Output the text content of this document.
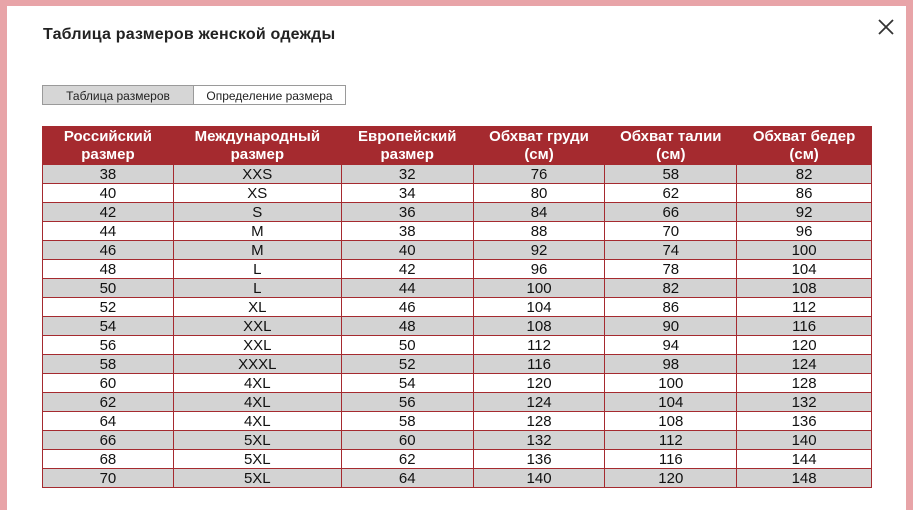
Таблица размеров женской одежды
Таблица размеров	Определение размера
Российский размер	Международный размер	Европейский размер	Обхват груди (см)	Обхват талии (см)	Обхват бедер (см)
38	XXS	32	76	58	82
40	XS	34	80	62	86
42	S	36	84	66	92
44	M	38	88	70	96
46	M	40	92	74	100
48	L	42	96	78	104
50	L	44	100	82	108
52	XL	46	104	86	112
54	XXL	48	108	90	116
56	XXL	50	112	94	120
58	XXXL	52	116	98	124
60	4XL	54	120	100	128
62	4XL	56	124	104	132
64	4XL	58	128	108	136
66	5XL	60	132	112	140
68	5XL	62	136	116	144
70	5XL	64	140	120	148
